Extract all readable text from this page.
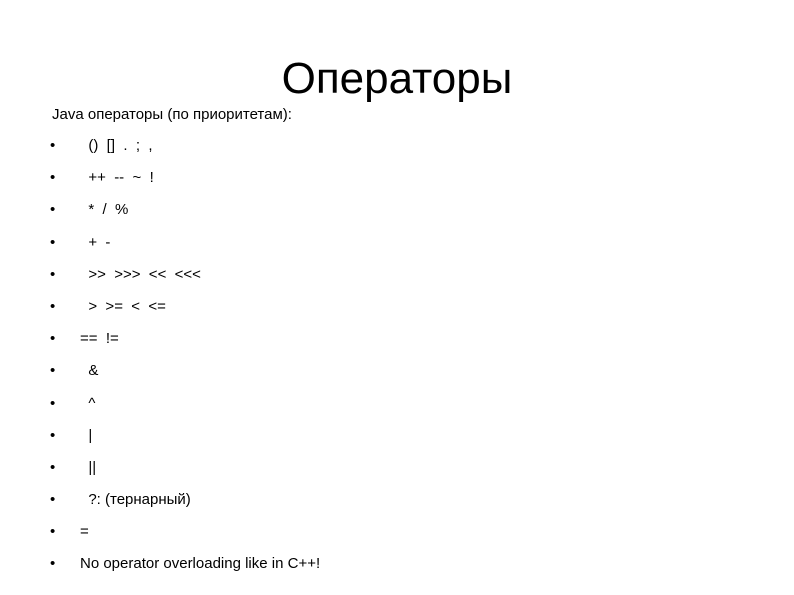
Операторы

Java операторы (по приоритетам):

• ()  []  .  ;  ,
• ++  --  ~  !
• *  /  %
• +  -
• >>  >>>  <<  <<<
• >  >=  <  <=
• ==  !=
• &
• ^
• |
• ||
• ?: (тернарный)
• =
• No operator overloading like in C++!
